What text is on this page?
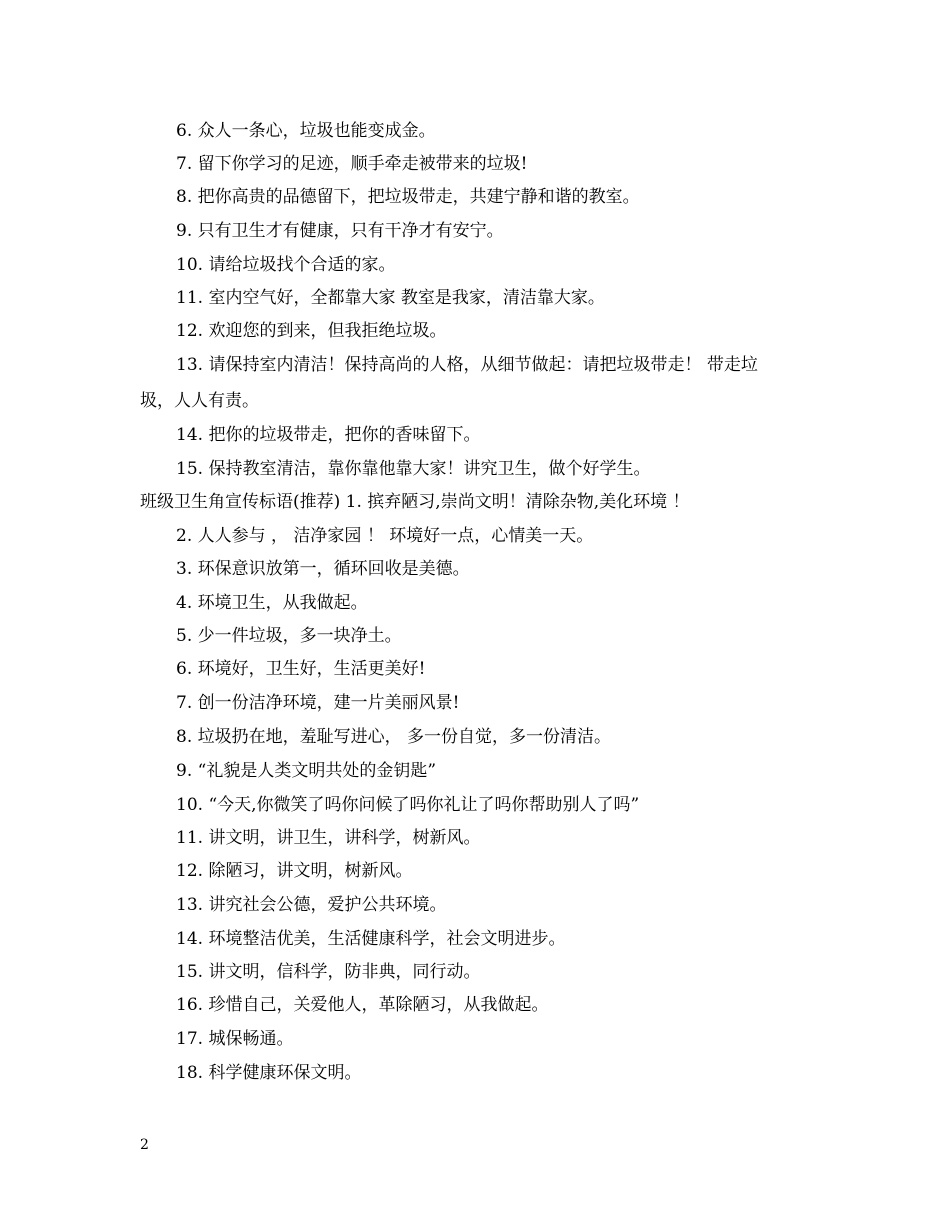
6. 众人一条心，垃圾也能变成金。
7. 留下你学习的足迹，顺手牵走被带来的垃圾!
8. 把你高贵的品德留下，把垃圾带走，共建宁静和谐的教室。
9. 只有卫生才有健康，只有干净才有安宁。
10. 请给垃圾找个合适的家。
11. 室内空气好，全都靠大家 教室是我家，清洁靠大家。
12. 欢迎您的到来，但我拒绝垃圾。
13. 请保持室内清洁！保持高尚的人格，从细节做起：请把垃圾带走！ 带走垃
圾，人人有责。
14. 把你的垃圾带走，把你的香味留下。
15. 保持教室清洁，靠你靠他靠大家！讲究卫生，做个好学生。
班级卫生角宣传标语(推荐) 1. 摈弃陋习,崇尚文明！清除杂物,美化环境 ！
2. 人人参与 ， 洁净家园 ！ 环境好一点，心情美一天。
3. 环保意识放第一，循环回收是美德。
4. 环境卫生，从我做起。
5. 少一件垃圾，多一块净土。
6. 环境好，卫生好，生活更美好!
7. 创一份洁净环境，建一片美丽风景!
8. 垃圾扔在地，羞耻写进心， 多一份自觉，多一份清洁。
9. “礼貌是人类文明共处的金钥匙”
10. “今天,你微笑了吗你问候了吗你礼让了吗你帮助别人了吗”
11. 讲文明，讲卫生，讲科学，树新风。
12. 除陋习，讲文明，树新风。
13. 讲究社会公德，爱护公共环境。
14. 环境整洁优美，生活健康科学，社会文明进步。
15. 讲文明，信科学，防非典，同行动。
16. 珍惜自己，关爱他人，革除陋习，从我做起。
17. 城保畅通。
18. 科学健康环保文明。
2
